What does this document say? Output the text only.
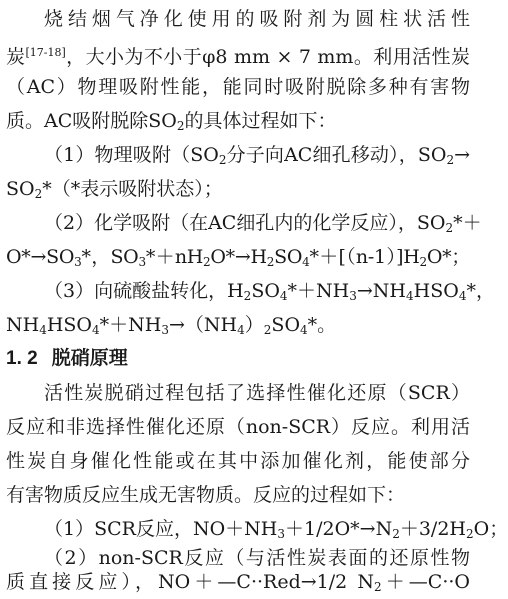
烧结烟气净化使用的吸附剂为圆柱状活性
炭[17-18]，大小为不小于φ8 mm × 7 mm。利用活性炭
（AC）物理吸附性能，能同时吸附脱除多种有害物
质。AC吸附脱除$SO_2$的具体过程如下：
（1）物理吸附（$SO_2$分子向AC细孔移动），$SO_2\to$
$SO_2*(*$表示吸附状态）；
（2）化学吸附（在AC细孔内的化学反应），$SO_2*+$
$O*\to SO_3*$，$SO_3*+nH_2O*\to H_2SO_4*+[(n-1)]H_2O*$；
（3）向硫酸盐转化，$H_2SO_4*+NH_3\to NH_4HSO_4*$，
$NH_4HSO_4*+NH_3\to(NH_4)_2SO_4*$。
1. 2 脱硝原理
活性炭脱硝过程包括了选择性催化还原（SCR）
反应和非选择性催化还原（non-SCR）反应。利用活
性炭自身催化性能或在其中添加催化剂，能使部分
有害物质反应生成无害物质。反应的过程如下：
（1）SCR反应，$NO+NH_3+1/2O*\to N_2+3/2H_2O$；
（2）non-SCR反应（与活性炭表面的还原性物
质直接反应），NO＋—C··Red→1/2 $N_2+—C\cdot\cdot O$
